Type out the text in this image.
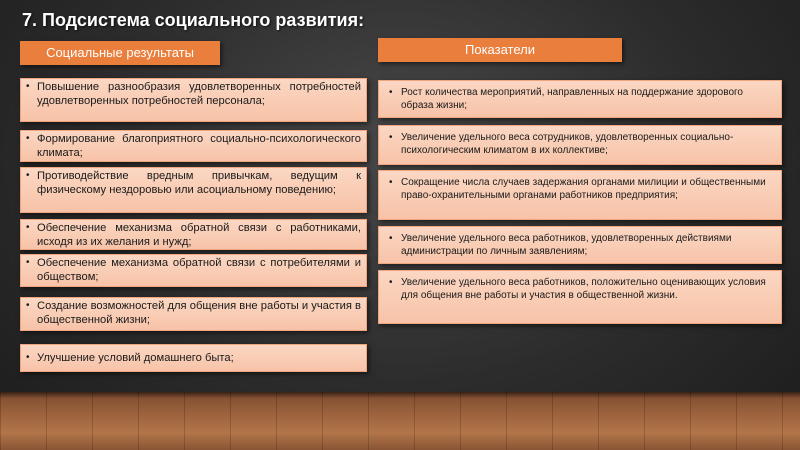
7. Подсистема социального развития:
Социальные результаты	Показатели
• Повышение разнообразия удовлетворенных потребностей удовлетворенных потребностей персонала;
• Формирование благоприятного социально-психологического климата;
• Противодействие вредным привычкам, ведущим к физическому нездоровью или асоциальному поведению;
• Обеспечение механизма обратной связи с работниками, исходя из их желания и нужд;
• Обеспечение механизма обратной связи с потребителями и обществом;
• Создание возможностей для общения вне работы и участия в общественной жизни;
• Улучшение условий домашнего быта;
• Рост количества мероприятий, направленных на поддержание здорового образа жизни;
• Увеличение удельного веса сотрудников, удовлетворенных социально-психологическим климатом в их коллективе;
• Сокращение числа случаев задержания органами милиции и общественными право-охранительными органами работников предприятия;
• Увеличение удельного веса работников, удовлетворенных действиями администрации по личным заявлениям;
• Увеличение удельного веса работников, положительно оценивающих условия для общения вне работы и участия в общественной жизни.
